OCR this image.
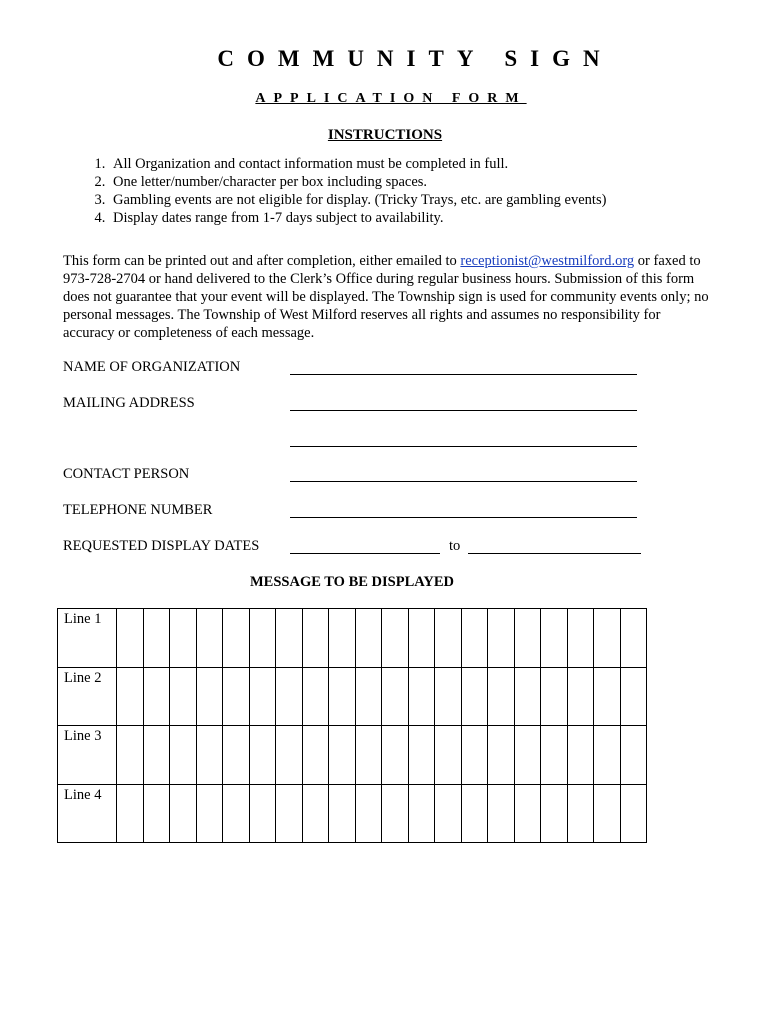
COMMUNITY SIGN
APPLICATION FORM
INSTRUCTIONS
1. All Organization and contact information must be completed in full.
2. One letter/number/character per box including spaces.
3. Gambling events are not eligible for display. (Tricky Trays, etc. are gambling events)
4. Display dates range from 1-7 days subject to availability.
This form can be printed out and after completion, either emailed to receptionist@westmilford.org or faxed to 973-728-2704 or hand delivered to the Clerk’s Office during regular business hours. Submission of this form does not guarantee that your event will be displayed. The Township sign is used for community events only; no personal messages. The Township of West Milford reserves all rights and assumes no responsibility for accuracy or completeness of each message.
NAME OF ORGANIZATION
MAILING ADDRESS
CONTACT PERSON
TELEPHONE NUMBER
REQUESTED DISPLAY DATES	to
MESSAGE TO BE DISPLAYED
Line 1																				
Line 2																				
Line 3																				
Line 4																				
